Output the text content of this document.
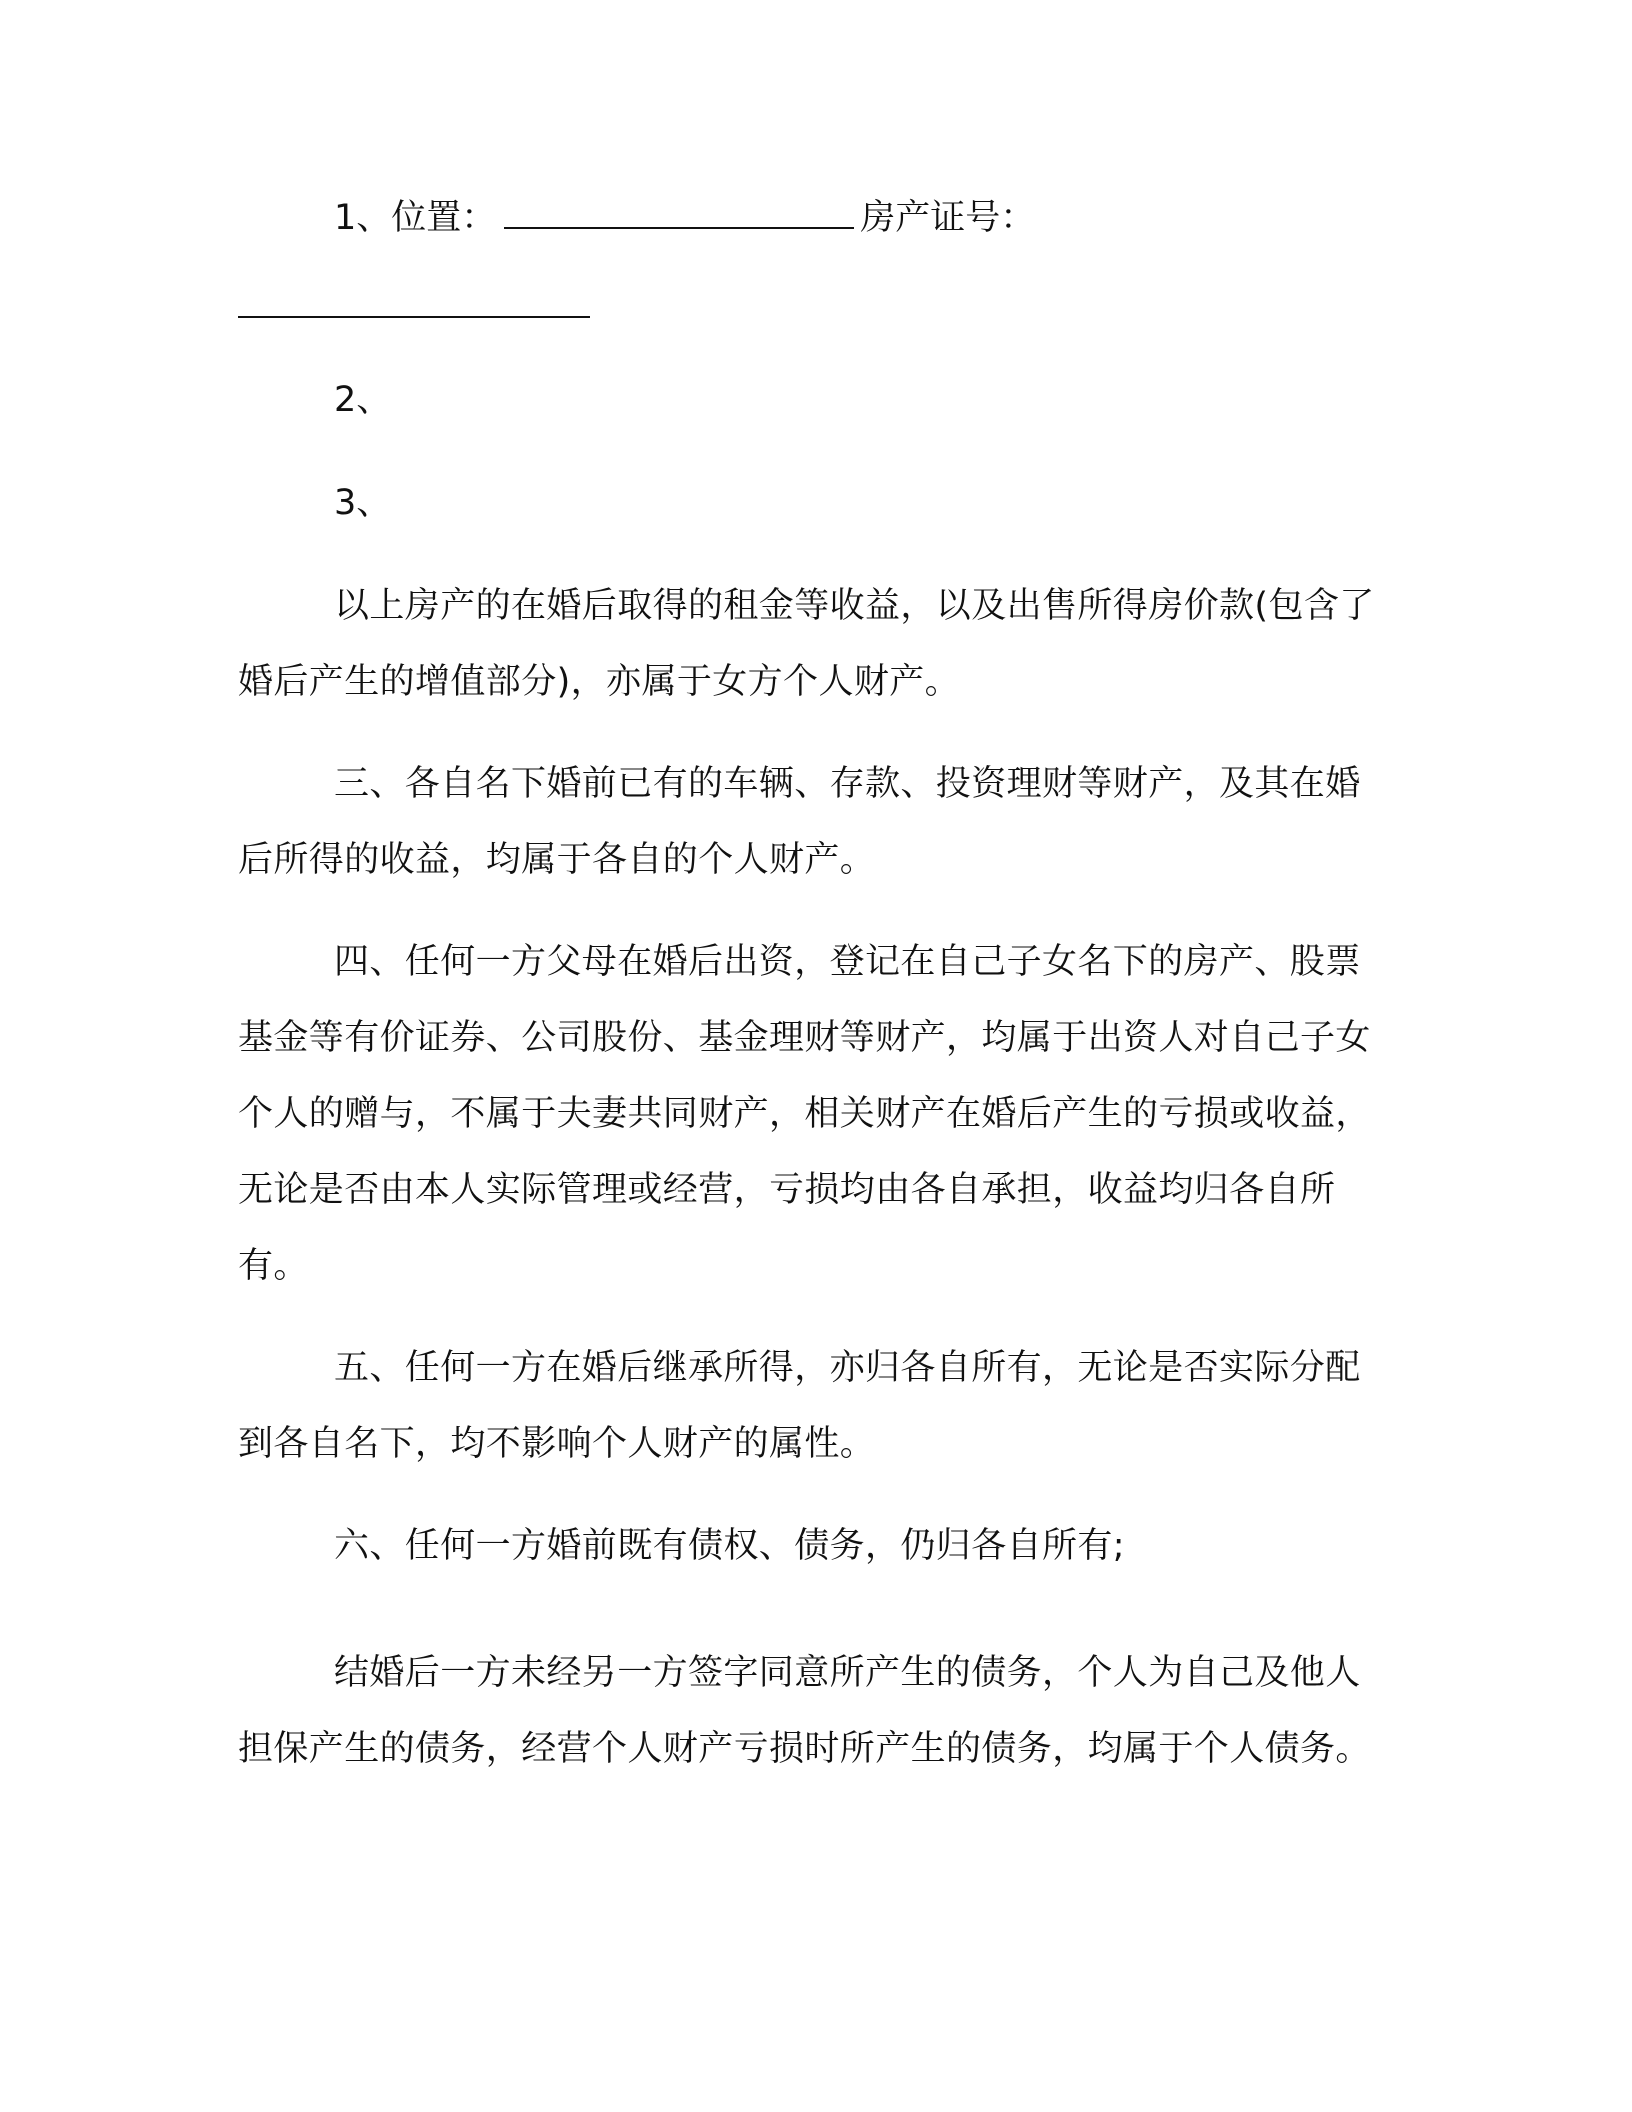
1、位置：	房产证号：

2、

3、

以上房产的在婚后取得的租金等收益，以及出售所得房价款(包含了婚后产生的增值部分)，亦属于女方个人财产。

三、各自名下婚前已有的车辆、存款、投资理财等财产，及其在婚后所得的收益，均属于各自的个人财产。

四、任何一方父母在婚后出资，登记在自己子女名下的房产、股票基金等有价证券、公司股份、基金理财等财产，均属于出资人对自己子女个人的赠与，不属于夫妻共同财产，相关财产在婚后产生的亏损或收益，无论是否由本人实际管理或经营，亏损均由各自承担，收益均归各自所有。

五、任何一方在婚后继承所得，亦归各自所有，无论是否实际分配到各自名下，均不影响个人财产的属性。

六、任何一方婚前既有债权、债务，仍归各自所有;

结婚后一方未经另一方签字同意所产生的债务，个人为自己及他人担保产生的债务，经营个人财产亏损时所产生的债务，均属于个人债务。
